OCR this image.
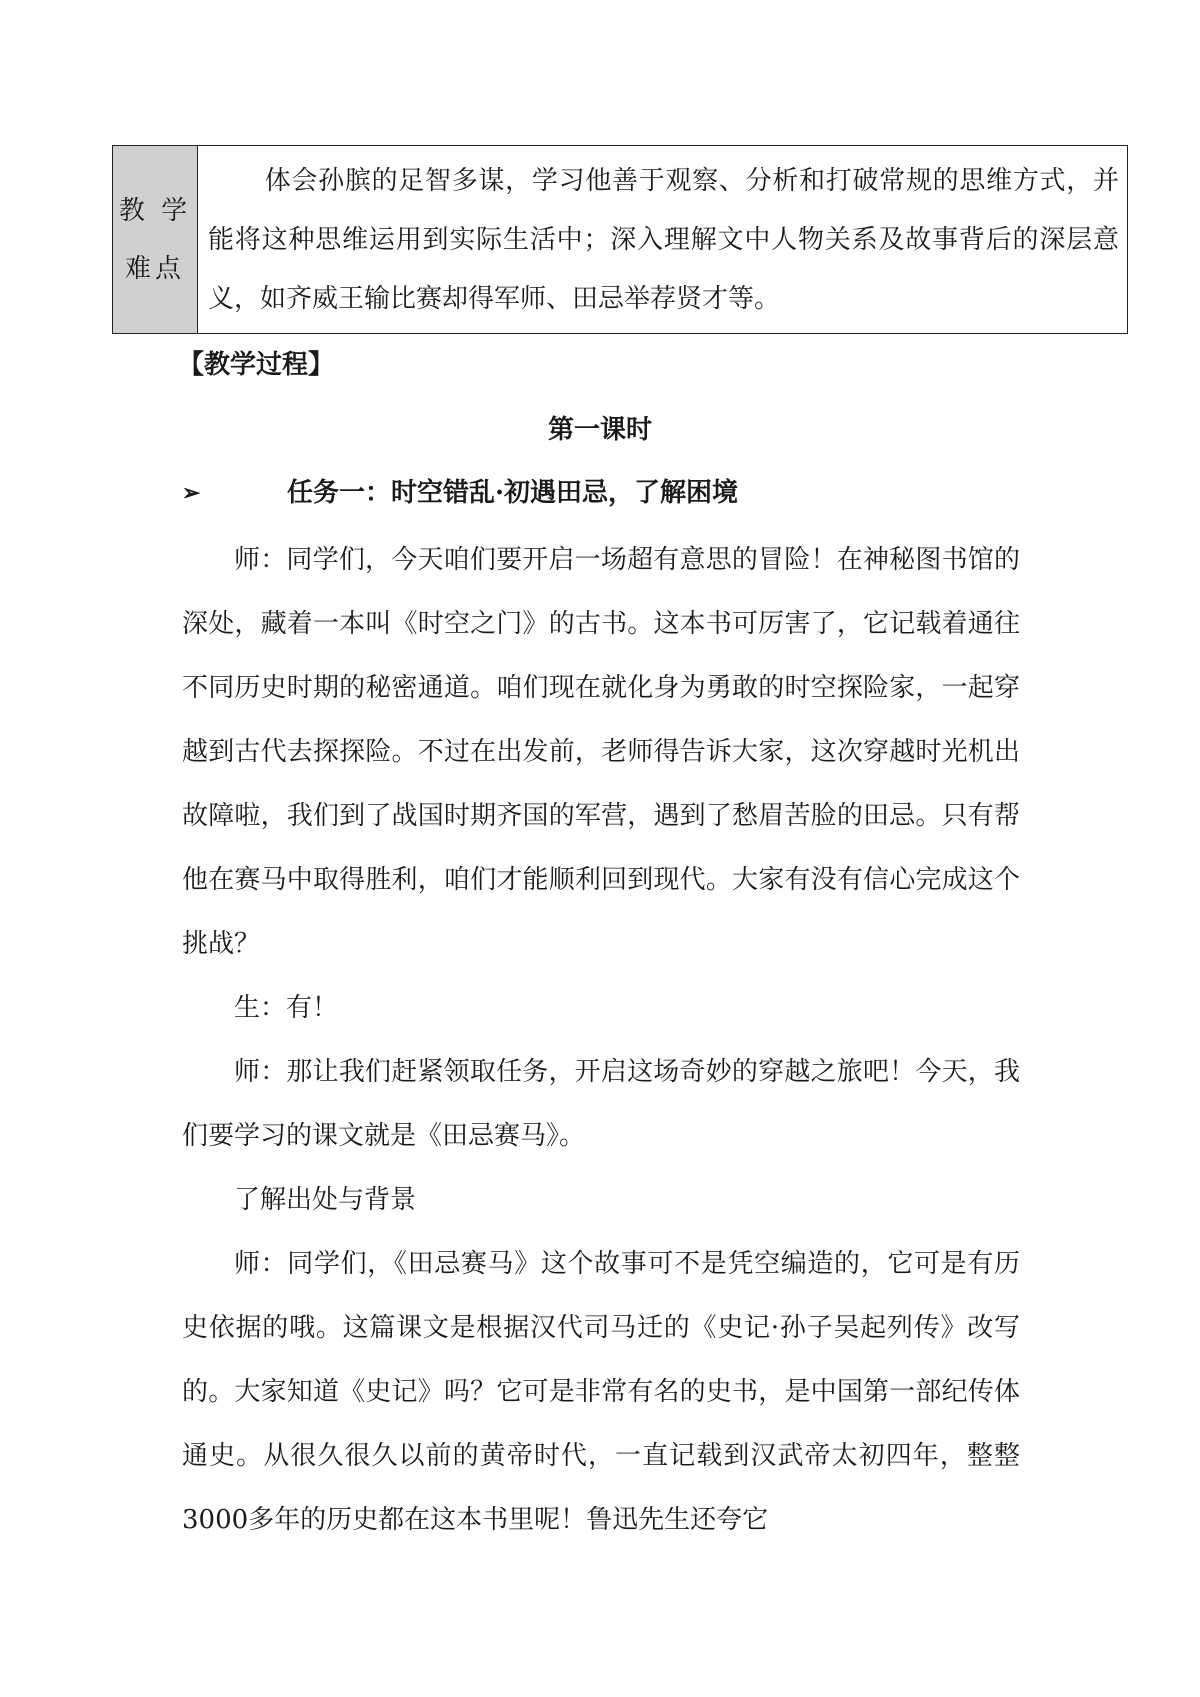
教 学
难点
体会孙膑的足智多谋，学习他善于观察、分析和打破常规的思维方式，并能将这种思维运用到实际生活中；深入理解文中人物关系及故事背后的深层意义，如齐威王输比赛却得军师、田忌举荐贤才等。
【教学过程】
第一课时
➢	任务一：时空错乱·初遇田忌，了解困境

师：同学们，今天咱们要开启一场超有意思的冒险！在神秘图书馆的深处，藏着一本叫《时空之门》的古书。这本书可厉害了，它记载着通往不同历史时期的秘密通道。咱们现在就化身为勇敢的时空探险家，一起穿越到古代去探探险。不过在出发前，老师得告诉大家，这次穿越时光机出故障啦，我们到了战国时期齐国的军营，遇到了愁眉苦脸的田忌。只有帮他在赛马中取得胜利，咱们才能顺利回到现代。大家有没有信心完成这个挑战？

生：有！

师：那让我们赶紧领取任务，开启这场奇妙的穿越之旅吧！今天，我们要学习的课文就是《田忌赛马》。

了解出处与背景

师：同学们，《田忌赛马》这个故事可不是凭空编造的，它可是有历史依据的哦。这篇课文是根据汉代司马迁的《史记·孙子吴起列传》改写的。大家知道《史记》吗？它可是非常有名的史书，是中国第一部纪传体通史。从很久很久以前的黄帝时代，一直记载到汉武帝太初四年，整整3000多年的历史都在这本书里呢！鲁迅先生还夸它
